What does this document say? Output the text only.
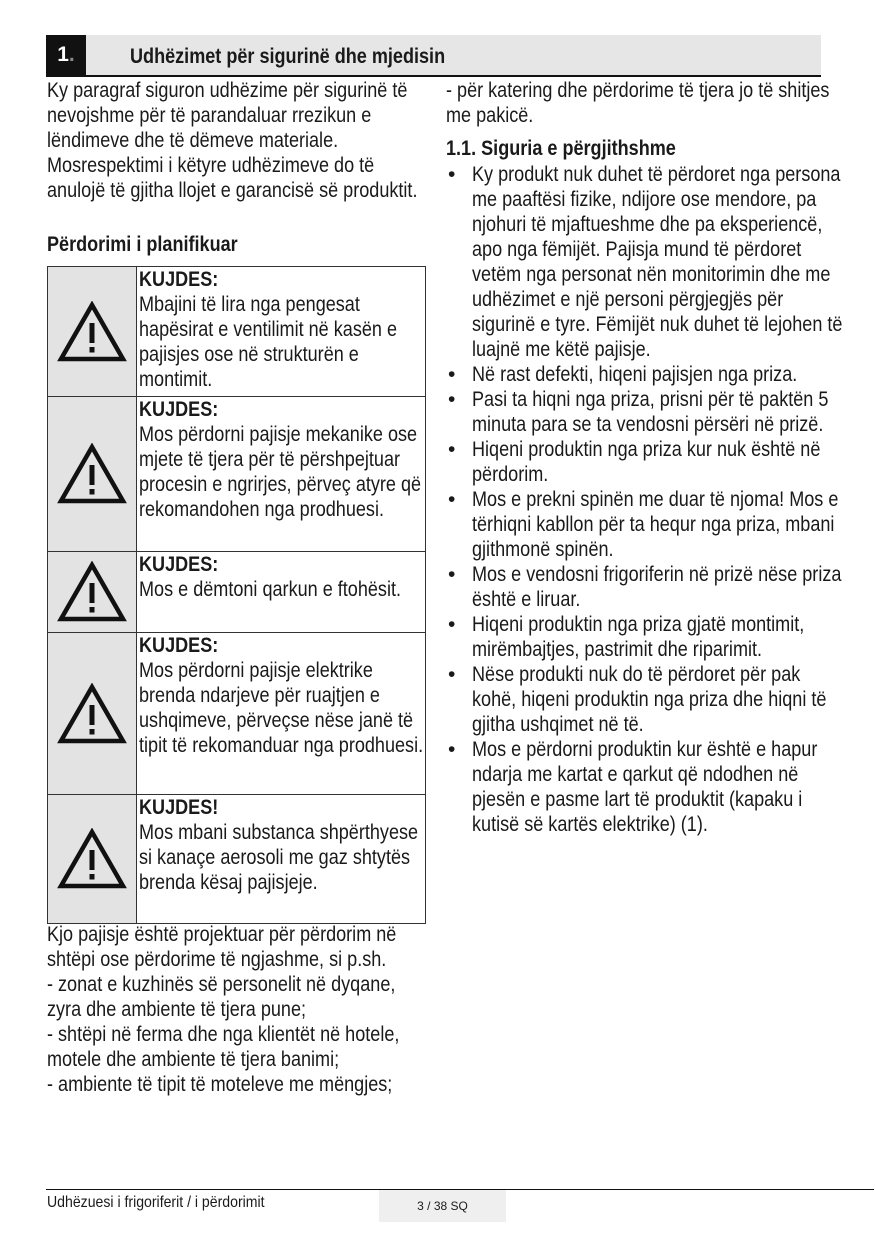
1.	Udhëzimet për sigurinë dhe mjedisin

Ky paragraf siguron udhëzime për sigurinë të nevojshme për të parandaluar rrezikun e lëndimeve dhe të dëmeve materiale. Mosrespektimi i këtyre udhëzimeve do të anulojë të gjitha llojet e garancisë së produktit.

Përdorimi i planifikuar
KUJDES:
Mbajini të lira nga pengesat hapësirat e ventilimit në kasën e pajisjes ose në strukturën e montimit.
KUJDES:
Mos përdorni pajisje mekanike ose mjete të tjera për të përshpejtuar procesin e ngrirjes, përveç atyre që rekomandohen nga prodhuesi.
KUJDES:
Mos e dëmtoni qarkun e ftohësit.
KUJDES:
Mos përdorni pajisje elektrike brenda ndarjeve për ruajtjen e ushqimeve, përveçse nëse janë të tipit të rekomanduar nga prodhuesi.
KUJDES!
Mos mbani substanca shpërthyese si kanaçe aerosoli me gaz shtytës brenda kësaj pajisjeje.

Kjo pajisje është projektuar për përdorim në shtëpi ose përdorime të ngjashme, si p.sh.

- zonat e kuzhinës së personelit në dyqane, zyra dhe ambiente të tjera pune;

- shtëpi në ferma dhe nga klientët në hotele, motele dhe ambiente të tjera banimi;

- ambiente të tipit të moteleve me mëngjes;

- për katering dhe përdorime të tjera jo të shitjes me pakicë.

1.1. Siguria e përgjithshme
• Ky produkt nuk duhet të përdoret nga persona me paaftësi fizike, ndijore ose mendore, pa njohuri të mjaftueshme dhe pa eksperiencë, apo nga fëmijët. Pajisja mund të përdoret vetëm nga personat nën monitorimin dhe me udhëzimet e një personi përgjegjës për sigurinë e tyre. Fëmijët nuk duhet të lejohen të luajnë me këtë pajisje.
• Në rast defekti, hiqeni pajisjen nga priza.
• Pasi ta hiqni nga priza, prisni për të paktën 5 minuta para se ta vendosni përsëri në prizë.
• Hiqeni produktin nga priza kur nuk është në përdorim.
• Mos e prekni spinën me duar të njoma! Mos e tërhiqni kabllon për ta hequr nga priza, mbani gjithmonë spinën.
• Mos e vendosni frigoriferin në prizë nëse priza është e liruar.
• Hiqeni produktin nga priza gjatë montimit, mirëmbajtjes, pastrimit dhe riparimit.
• Nëse produkti nuk do të përdoret për pak kohë, hiqeni produktin nga priza dhe hiqni të gjitha ushqimet në të.
• Mos e përdorni produktin kur është e hapur ndarja me kartat e qarkut që ndodhen në pjesën e pasme lart të produktit (kapaku i kutisë së kartës elektrike) (1).
Udhëzuesi i frigoriferit / i përdorimit	3 / 38 SQ
